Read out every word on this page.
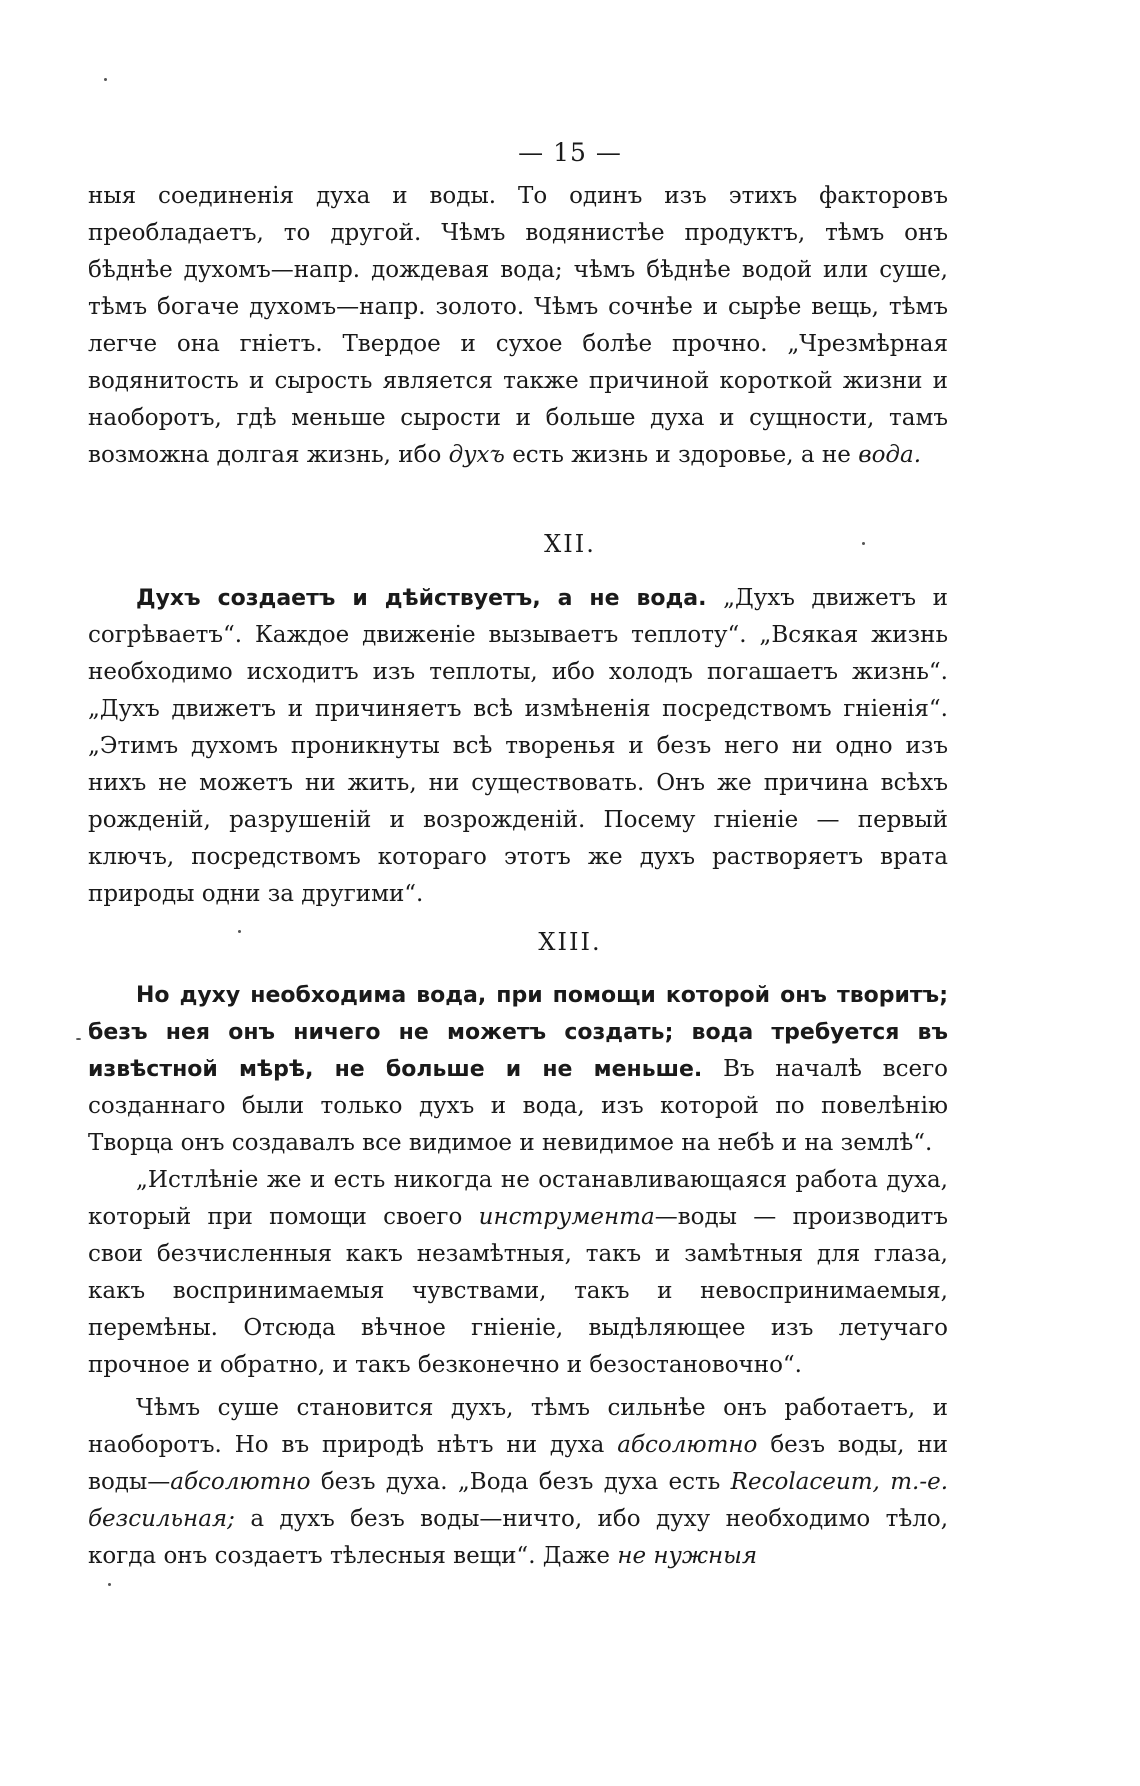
— 15 —

ныя соединенія духа и воды. То одинъ изъ этихъ факторовъ преобладаетъ, то другой. Чѣмъ водянистѣе продуктъ, тѣмъ онъ бѣднѣе духомъ—напр. дождевая вода; чѣмъ бѣднѣе водой или суше, тѣмъ богаче духомъ—напр. золото. Чѣмъ сочнѣе и сырѣе вещь, тѣмъ легче она гніетъ. Твердое и сухое болѣе прочно. „Чрезмѣрная водянитость и сырость является также причиной короткой жизни и наоборотъ, гдѣ меньше сырости и больше духа и сущности, тамъ возможна долгая жизнь, ибо духъ есть жизнь и здоровье, а не вода.

XII.

Духъ создаетъ и дѣйствуетъ, а не вода. „Духъ движетъ и согрѣваетъ“. Каждое движеніе вызываетъ теплоту“. „Всякая жизнь необходимо исходитъ изъ теплоты, ибо холодъ погашаетъ жизнь“. „Духъ движетъ и причиняетъ всѣ измѣненія посредствомъ гніенія“. „Этимъ духомъ проникнуты всѣ творенья и безъ него ни одно изъ нихъ не можетъ ни жить, ни существовать. Онъ же причина всѣхъ рожденій, разрушеній и возрожденій. Посему гніеніе — первый ключъ, посредствомъ котораго этотъ же духъ растворяетъ врата природы одни за другими“.

XIII.

Но духу необходима вода, при помощи которой онъ творитъ; безъ нея онъ ничего не можетъ создать; вода требуется въ извѣстной мѣрѣ, не больше и не меньше. Въ началѣ всего созданнаго были только духъ и вода, изъ которой по повелѣнію Творца онъ создавалъ все видимое и невидимое на небѣ и на землѣ“.

„Истлѣніе же и есть никогда не останавливающаяся работа духа, который при помощи своего инструмента—воды — производитъ свои безчисленныя какъ незамѣтныя, такъ и замѣтныя для глаза, какъ воспринимаемыя чувствами, такъ и невоспринимаемыя, перемѣны. Отсюда вѣчное гніеніе, выдѣляющее изъ летучаго прочное и обратно, и такъ безконечно и безостановочно“.

Чѣмъ суше становится духъ, тѣмъ сильнѣе онъ работаетъ, и наоборотъ. Но въ природѣ нѣтъ ни духа абсолютно безъ воды, ни воды—абсолютно безъ духа. „Вода безъ духа есть Recolaceum, т.-е. безсильная; а духъ безъ воды—ничто, ибо духу необходимо тѣло, когда онъ создаетъ тѣлесныя вещи“. Даже не нужныя
